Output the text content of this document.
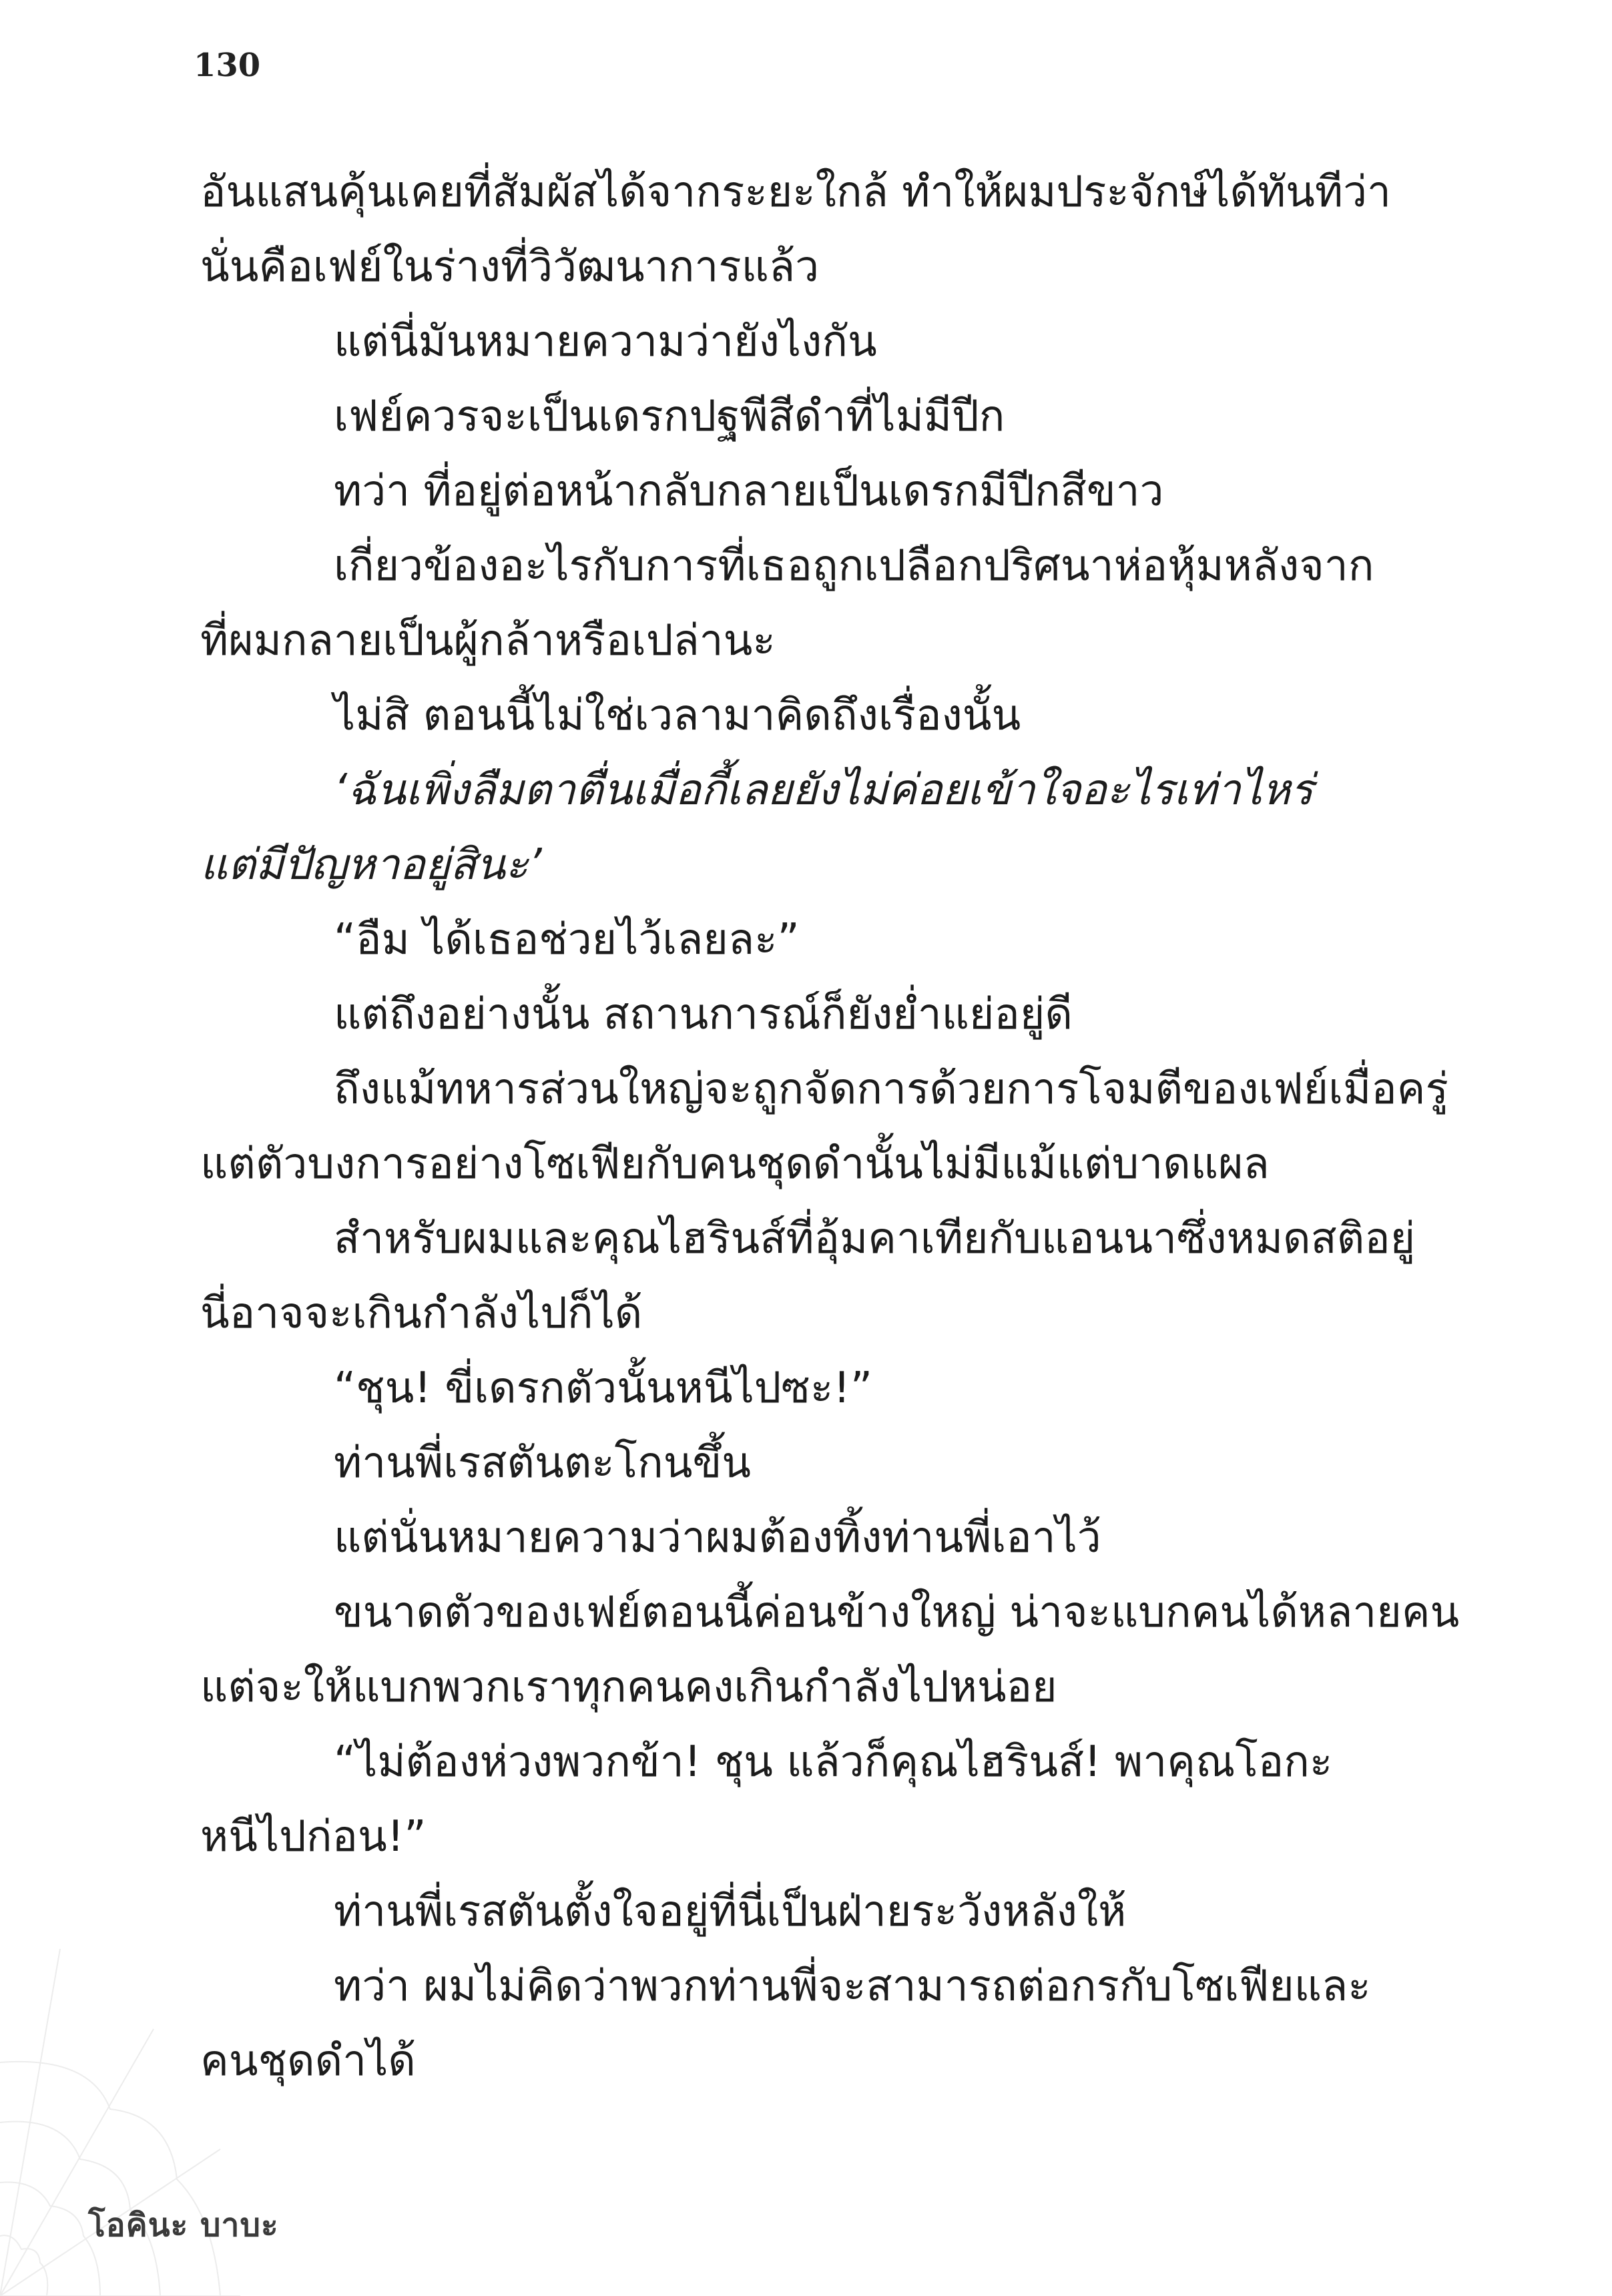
130
อันแสนคุ้นเคยที่สัมผัสได้จากระยะใกล้ ทำให้ผมประจักษ์ได้ทันทีว่า
นั่นคือเฟย์ในร่างที่วิวัฒนาการแล้ว
แต่นี่มันหมายความว่ายังไงกัน
เฟย์ควรจะเป็นเดรกปฐพีสีดำที่ไม่มีปีก
ทว่า ที่อยู่ต่อหน้ากลับกลายเป็นเดรกมีปีกสีขาว
เกี่ยวข้องอะไรกับการที่เธอถูกเปลือกปริศนาห่อหุ้มหลังจาก
ที่ผมกลายเป็นผู้กล้าหรือเปล่านะ
ไม่สิ ตอนนี้ไม่ใช่เวลามาคิดถึงเรื่องนั้น
‘ฉันเพิ่งลืมตาตื่นเมื่อกี้เลยยังไม่ค่อยเข้าใจอะไรเท่าไหร่
แต่มีปัญหาอยู่สินะ’
“อืม ได้เธอช่วยไว้เลยละ”
แต่ถึงอย่างนั้น สถานการณ์ก็ยังย่ำแย่อยู่ดี
ถึงแม้ทหารส่วนใหญ่จะถูกจัดการด้วยการโจมตีของเฟย์เมื่อครู่
แต่ตัวบงการอย่างโซเฟียกับคนชุดดำนั้นไม่มีแม้แต่บาดแผล
สำหรับผมและคุณไฮรินส์ที่อุ้มคาเทียกับแอนนาซึ่งหมดสติอยู่
นี่อาจจะเกินกำลังไปก็ได้
“ชุน! ขี่เดรกตัวนั้นหนีไปซะ!”
ท่านพี่เรสตันตะโกนขึ้น
แต่นั่นหมายความว่าผมต้องทิ้งท่านพี่เอาไว้
ขนาดตัวของเฟย์ตอนนี้ค่อนข้างใหญ่ น่าจะแบกคนได้หลายคน
แต่จะให้แบกพวกเราทุกคนคงเกินกำลังไปหน่อย
“ไม่ต้องห่วงพวกข้า! ชุน แล้วก็คุณไฮรินส์! พาคุณโอกะ
หนีไปก่อน!”
ท่านพี่เรสตันตั้งใจอยู่ที่นี่เป็นฝ่ายระวังหลังให้
ทว่า ผมไม่คิดว่าพวกท่านพี่จะสามารถต่อกรกับโซเฟียและ
คนชุดดำได้
โอคินะ บาบะ
